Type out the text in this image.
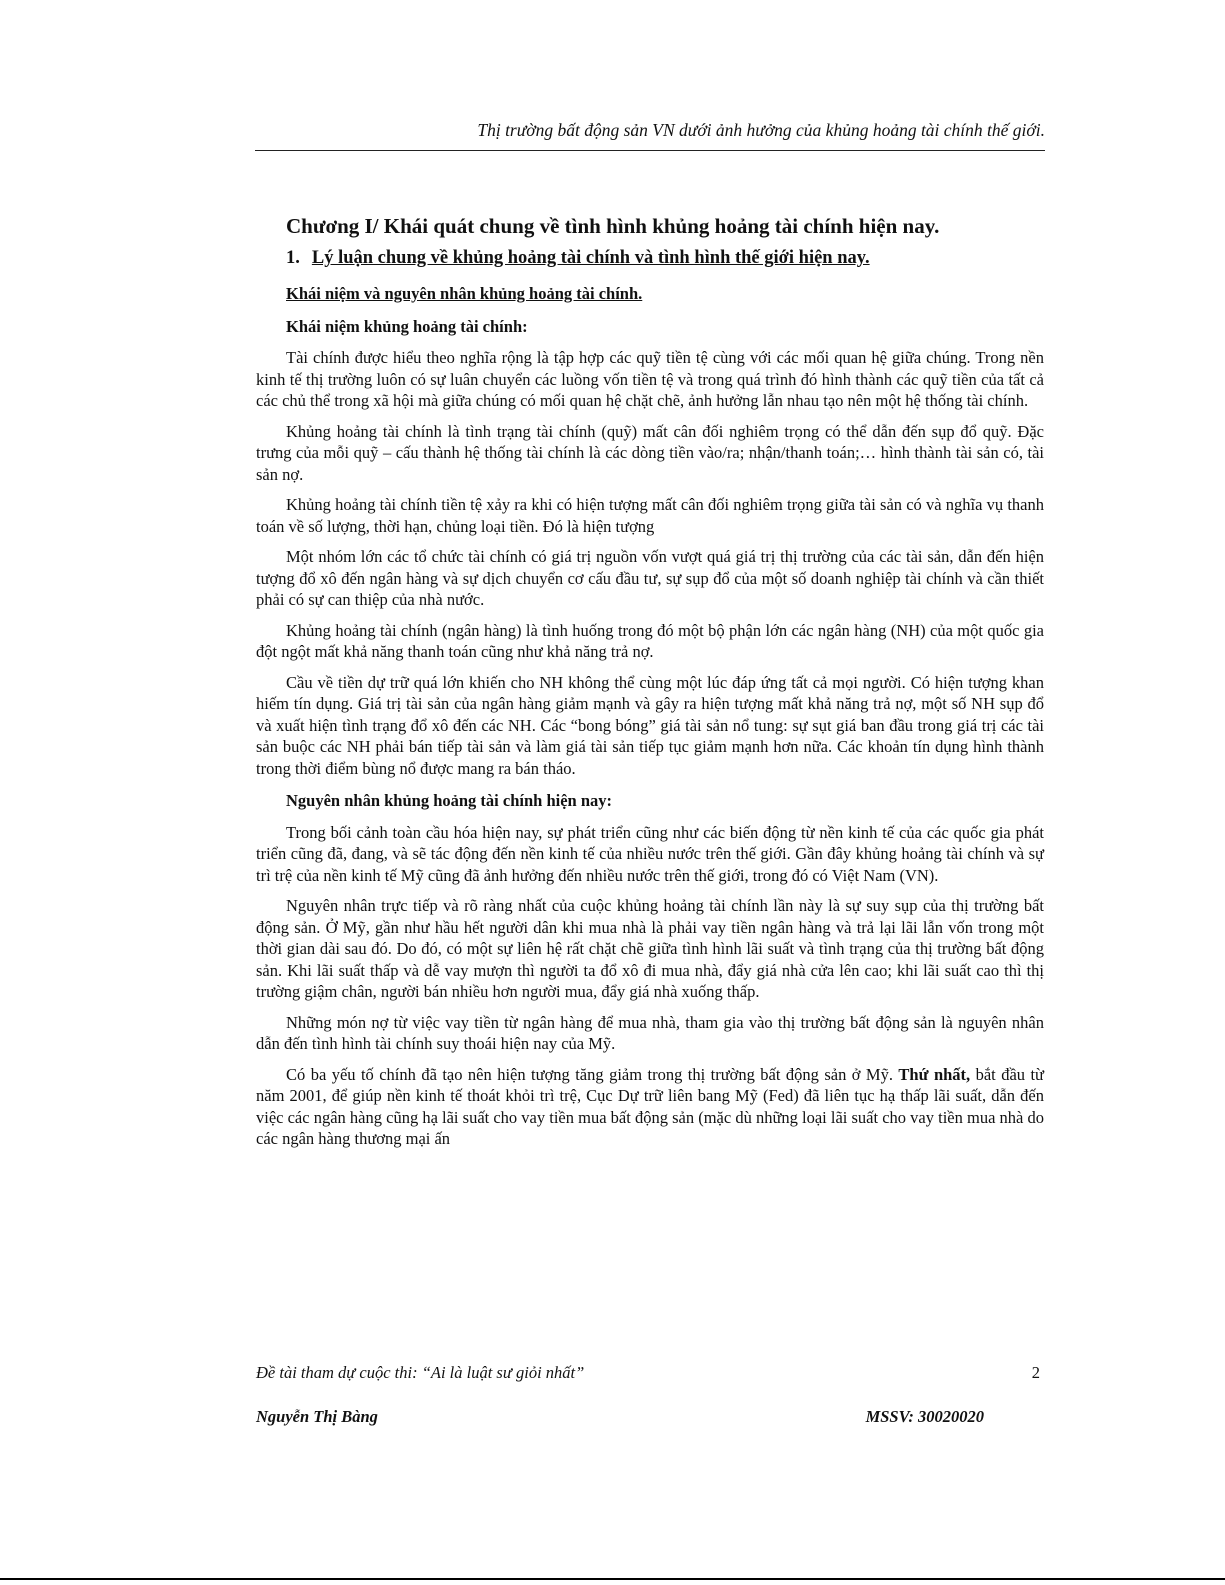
Thị trường bất động sản VN dưới ảnh hưởng của khủng hoảng tài chính thế giới.
Chương I/ Khái quát chung về tình hình khủng hoảng tài chính hiện nay.
1. Lý luận chung về khủng hoảng tài chính và tình hình thế giới hiện nay.
Khái niệm và nguyên nhân khủng hoảng tài chính.
Khái niệm khủng hoảng tài chính:

Tài chính được hiểu theo nghĩa rộng là tập hợp các quỹ tiền tệ cùng với các mối quan hệ giữa chúng. Trong nền kinh tế thị trường luôn có sự luân chuyển các luồng vốn tiền tệ và trong quá trình đó hình thành các quỹ tiền của tất cả các chủ thể trong xã hội mà giữa chúng có mối quan hệ chặt chẽ, ảnh hưởng lẫn nhau tạo nên một hệ thống tài chính.

Khủng hoảng tài chính là tình trạng tài chính (quỹ) mất cân đối nghiêm trọng có thể dẫn đến sụp đổ quỹ. Đặc trưng của mỗi quỹ – cấu thành hệ thống tài chính là các dòng tiền vào/ra; nhận/thanh toán;… hình thành tài sản có, tài sản nợ.

Khủng hoảng tài chính tiền tệ xảy ra khi có hiện tượng mất cân đối nghiêm trọng giữa tài sản có và nghĩa vụ thanh toán về số lượng, thời hạn, chủng loại tiền. Đó là hiện tượng

Một nhóm lớn các tổ chức tài chính có giá trị nguồn vốn vượt quá giá trị thị trường của các tài sản, dẫn đến hiện tượng đổ xô đến ngân hàng và sự dịch chuyển cơ cấu đầu tư, sự sụp đổ của một số doanh nghiệp tài chính và cần thiết phải có sự can thiệp của nhà nước.

Khủng hoảng tài chính (ngân hàng) là tình huống trong đó một bộ phận lớn các ngân hàng (NH) của một quốc gia đột ngột mất khả năng thanh toán cũng như khả năng trả nợ.

Cầu về tiền dự trữ quá lớn khiến cho NH không thể cùng một lúc đáp ứng tất cả mọi người. Có hiện tượng khan hiếm tín dụng. Giá trị tài sản của ngân hàng giảm mạnh và gây ra hiện tượng mất khả năng trả nợ, một số NH sụp đổ và xuất hiện tình trạng đổ xô đến các NH. Các “bong bóng” giá tài sản nổ tung: sự sụt giá ban đầu trong giá trị các tài sản buộc các NH phải bán tiếp tài sản và làm giá tài sản tiếp tục giảm mạnh hơn nữa. Các khoản tín dụng hình thành trong thời điểm bùng nổ được mang ra bán tháo.

Nguyên nhân khủng hoảng tài chính hiện nay:

Trong bối cảnh toàn cầu hóa hiện nay, sự phát triển cũng như các biến động từ nền kinh tế của các quốc gia phát triển cũng đã, đang, và sẽ tác động đến nền kinh tế của nhiều nước trên thế giới. Gần đây khủng hoảng tài chính và sự trì trệ của nền kinh tế Mỹ cũng đã ảnh hưởng đến nhiều nước trên thế giới, trong đó có Việt Nam (VN).

Nguyên nhân trực tiếp và rõ ràng nhất của cuộc khủng hoảng tài chính lần này là sự suy sụp của thị trường bất động sản. Ở Mỹ, gần như hầu hết người dân khi mua nhà là phải vay tiền ngân hàng và trả lại lãi lẫn vốn trong một thời gian dài sau đó. Do đó, có một sự liên hệ rất chặt chẽ giữa tình hình lãi suất và tình trạng của thị trường bất động sản. Khi lãi suất thấp và dễ vay mượn thì người ta đổ xô đi mua nhà, đẩy giá nhà cửa lên cao; khi lãi suất cao thì thị trường giậm chân, người bán nhiều hơn người mua, đẩy giá nhà xuống thấp.

Những món nợ từ việc vay tiền từ ngân hàng để mua nhà, tham gia vào thị trường bất động sản là nguyên nhân dẫn đến tình hình tài chính suy thoái hiện nay của Mỹ.

Có ba yếu tố chính đã tạo nên hiện tượng tăng giảm trong thị trường bất động sản ở Mỹ. Thứ nhất, bắt đầu từ năm 2001, để giúp nền kinh tế thoát khỏi trì trệ, Cục Dự trữ liên bang Mỹ (Fed) đã liên tục hạ thấp lãi suất, dẫn đến việc các ngân hàng cũng hạ lãi suất cho vay tiền mua bất động sản (mặc dù những loại lãi suất cho vay tiền mua nhà do các ngân hàng thương mại ấn

Đề tài tham dự cuộc thi: “Ai là luật sư giỏi nhất”	2
Nguyễn Thị Bàng	MSSV: 30020020
